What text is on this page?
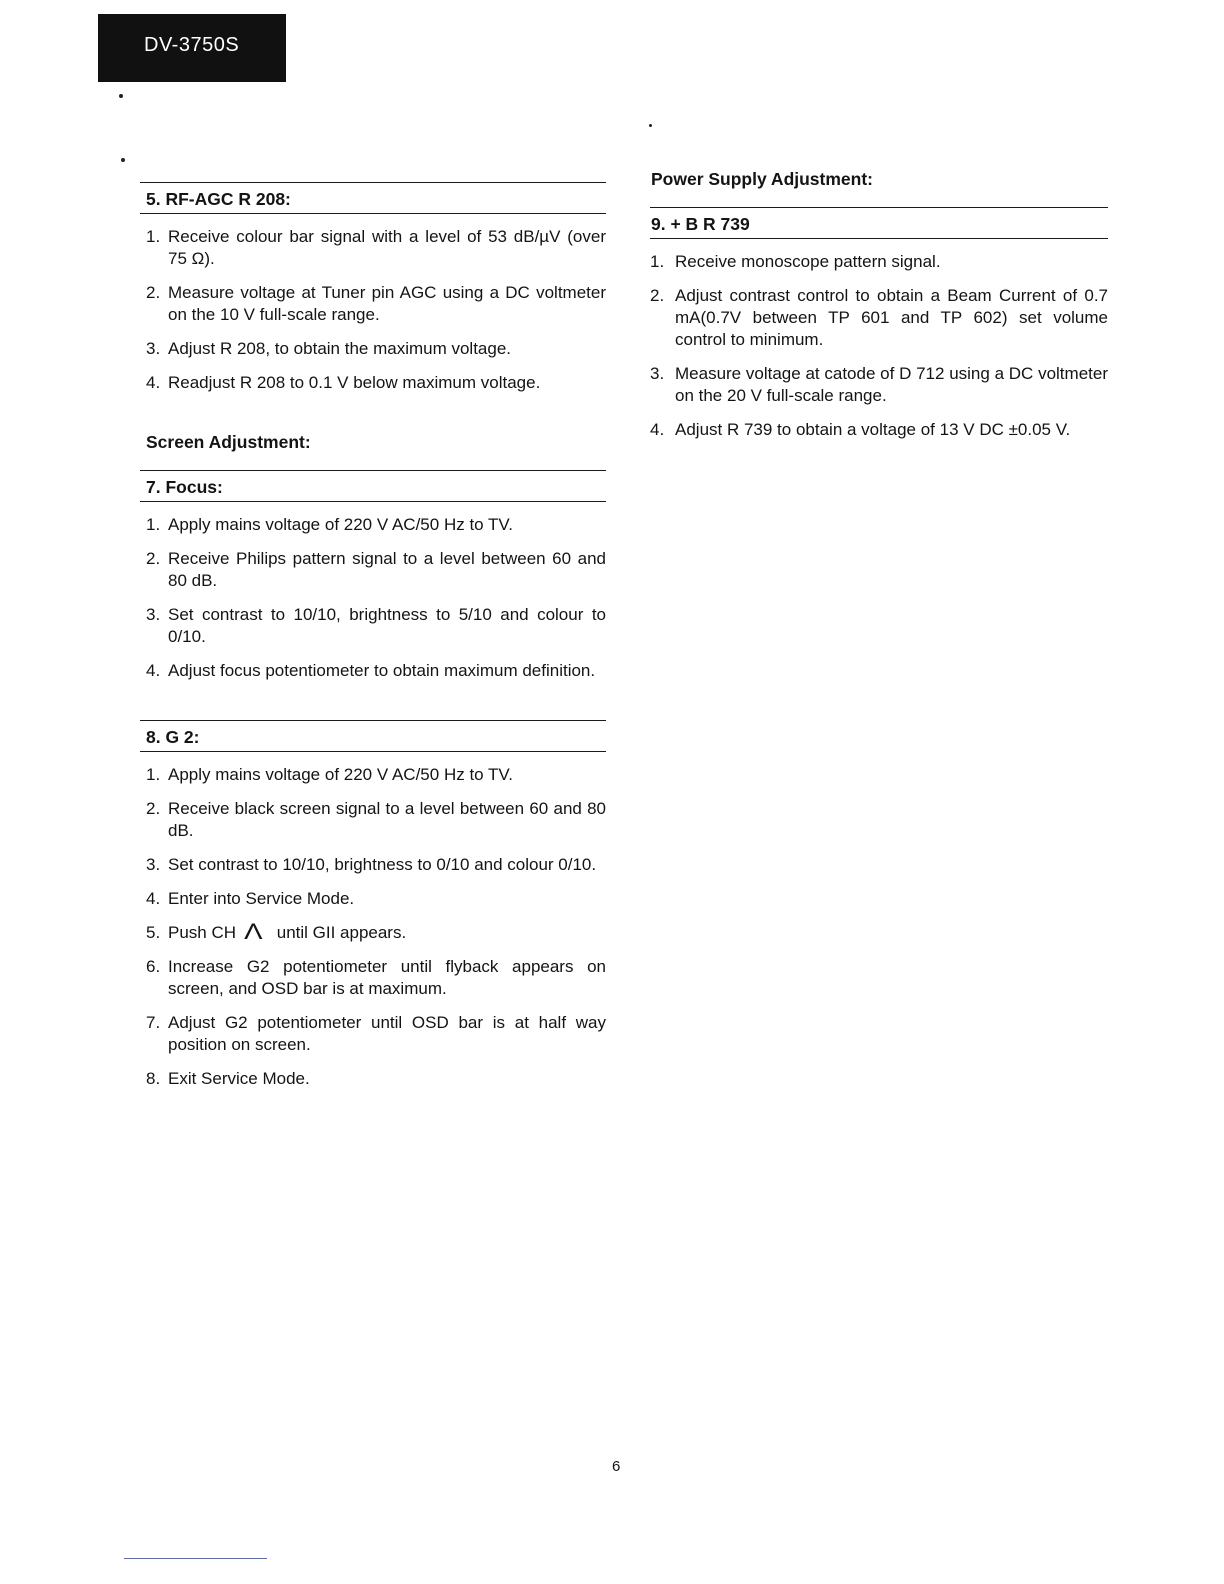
DV-3750S
5. RF-AGC R 208:
1. Receive colour bar signal with a level of 53 dB/µV (over 75 Ω).
2. Measure voltage at Tuner pin AGC using a DC voltmeter on the 10 V full-scale range.
3. Adjust R 208, to obtain the maximum voltage.
4. Readjust R 208 to 0.1 V below maximum voltage.
Screen Adjustment:
7. Focus:
1. Apply mains voltage of 220 V AC/50 Hz to TV.
2. Receive Philips pattern signal to a level between 60 and 80 dB.
3. Set contrast to 10/10, brightness to 5/10 and colour to 0/10.
4. Adjust focus potentiometer to obtain maximum definition.
8. G 2:
1. Apply mains voltage of 220 V AC/50 Hz to TV.
2. Receive black screen signal to a level between 60 and 80 dB.
3. Set contrast to 10/10, brightness to 0/10 and colour 0/10.
4. Enter into Service Mode.
5. Push CH Λ until GII appears.
6. Increase G2 potentiometer until flyback appears on screen, and OSD bar is at maximum.
7. Adjust G2 potentiometer until OSD bar is at half way position on screen.
8. Exit Service Mode.
Power Supply Adjustment:
9. + B R 739
1. Receive monoscope pattern signal.
2. Adjust contrast control to obtain a Beam Current of 0.7 mA(0.7V between TP 601 and TP 602) set volume control to minimum.
3. Measure voltage at catode of D 712 using a DC voltmeter on the 20 V full-scale range.
4. Adjust R 739 to obtain a voltage of 13 V DC ±0.05 V.
6
